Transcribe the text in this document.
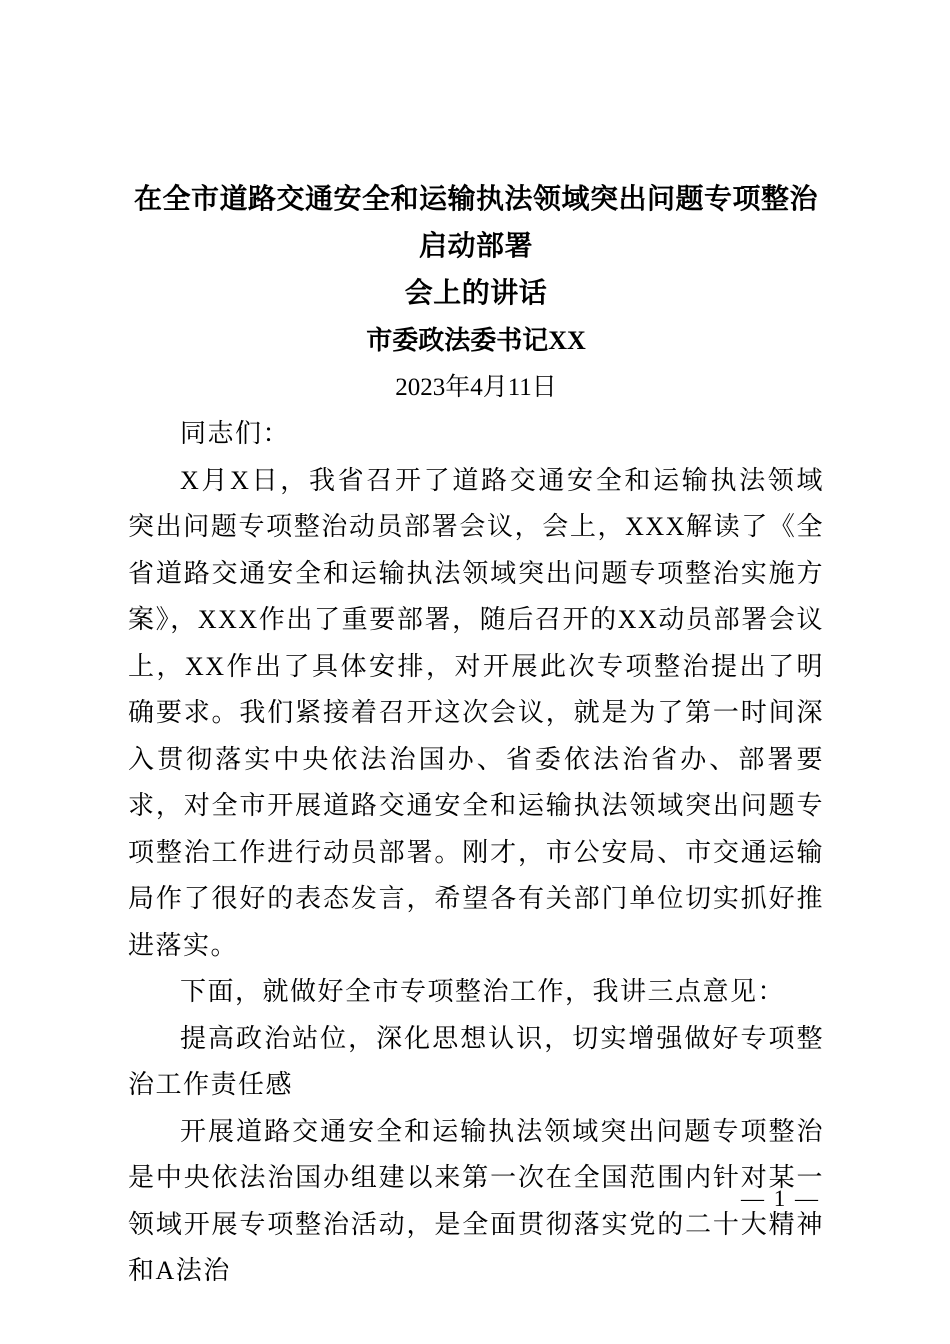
在全市道路交通安全和运输执法领域突出问题专项整治启动部署
会上的讲话
市委政法委书记XX
2023年4月11日

同志们：

X月X日，我省召开了道路交通安全和运输执法领域突出问题专项整治动员部署会议，会上，XXX解读了《全省道路交通安全和运输执法领域突出问题专项整治实施方案》，XXX作出了重要部署，随后召开的XX动员部署会议上，XX作出了具体安排，对开展此次专项整治提出了明确要求。我们紧接着召开这次会议，就是为了第一时间深入贯彻落实中央依法治国办、省委依法治省办、部署要求，对全市开展道路交通安全和运输执法领域突出问题专项整治工作进行动员部署。刚才，市公安局、市交通运输局作了很好的表态发言，希望各有关部门单位切实抓好推进落实。

下面，就做好全市专项整治工作，我讲三点意见：

提高政治站位，深化思想认识，切实增强做好专项整治工作责任感

开展道路交通安全和运输执法领域突出问题专项整治是中央依法治国办组建以来第一次在全国范围内针对某一领域开展专项整治活动，是全面贯彻落实党的二十大精神和A法治

— 1 —
